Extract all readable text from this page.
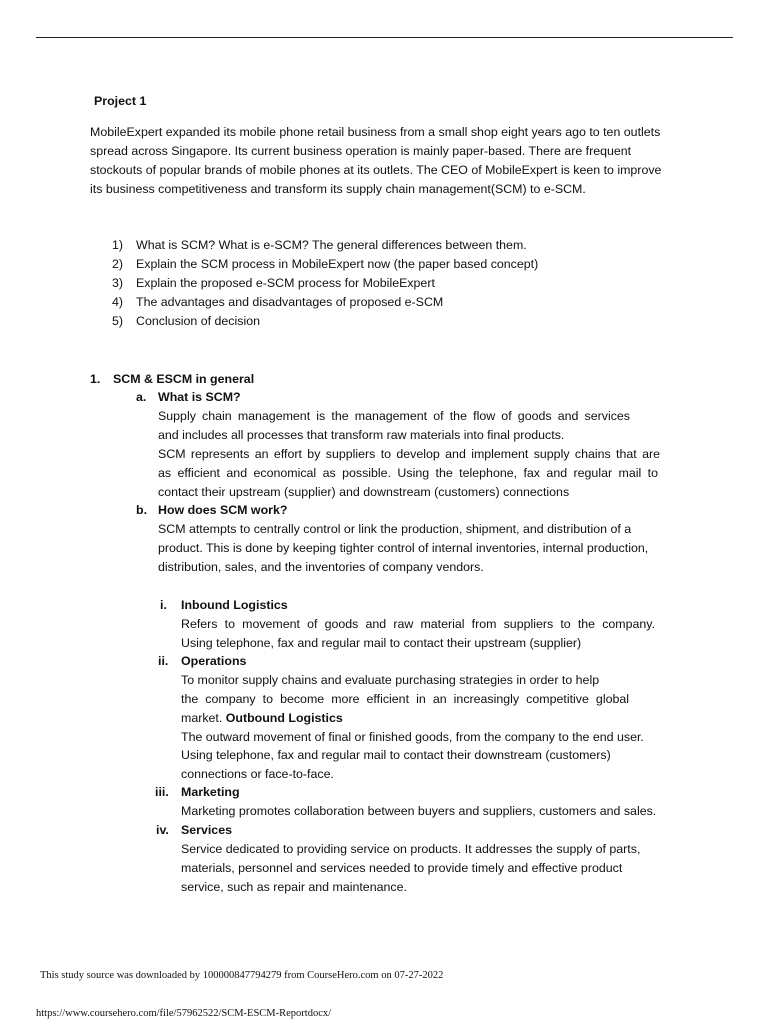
Project 1
MobileExpert expanded its mobile phone retail business from a small shop eight years ago to ten outlets
spread across Singapore. Its current business operation is mainly paper-based. There are frequent
stockouts of popular brands of mobile phones at its outlets. The CEO of MobileExpert is keen to improve
its business competitiveness and transform its supply chain management(SCM) to e-SCM.
1) What is SCM? What is e-SCM? The general differences between them.
2) Explain the SCM process in MobileExpert now (the paper based concept)
3) Explain the proposed e-SCM process for MobileExpert
4) The advantages and disadvantages of proposed e-SCM
5) Conclusion of decision
1. SCM & ESCM in general
a. What is SCM?
Supply chain management is the management of the flow of goods and services
and includes all processes that transform raw materials into final products.
SCM represents an effort by suppliers to develop and implement supply chains that are
as efficient and economical as possible. Using the telephone, fax and regular mail to
contact their upstream (supplier) and downstream (customers) connections
b. How does SCM work?
SCM attempts to centrally control or link the production, shipment, and distribution of a
product. This is done by keeping tighter control of internal inventories, internal production,
distribution, sales, and the inventories of company vendors.
i. Inbound Logistics
Refers to movement of goods and raw material from suppliers to the company.
Using telephone, fax and regular mail to contact their upstream (supplier)
ii. Operations
To monitor supply chains and evaluate purchasing strategies in order to help
the company to become more efficient in an increasingly competitive global
market. Outbound Logistics
The outward movement of final or finished goods, from the company to the end user.
Using telephone, fax and regular mail to contact their downstream (customers)
connections or face-to-face.
iii. Marketing
Marketing promotes collaboration between buyers and suppliers, customers and sales.
iv. Services
Service dedicated to providing service on products. It addresses the supply of parts,
materials, personnel and services needed to provide timely and effective product
service, such as repair and maintenance.
This study source was downloaded by 100000847794279 from CourseHero.com on 07-27-2022
https://www.coursehero.com/file/57962522/SCM-ESCM-Reportdocx/
